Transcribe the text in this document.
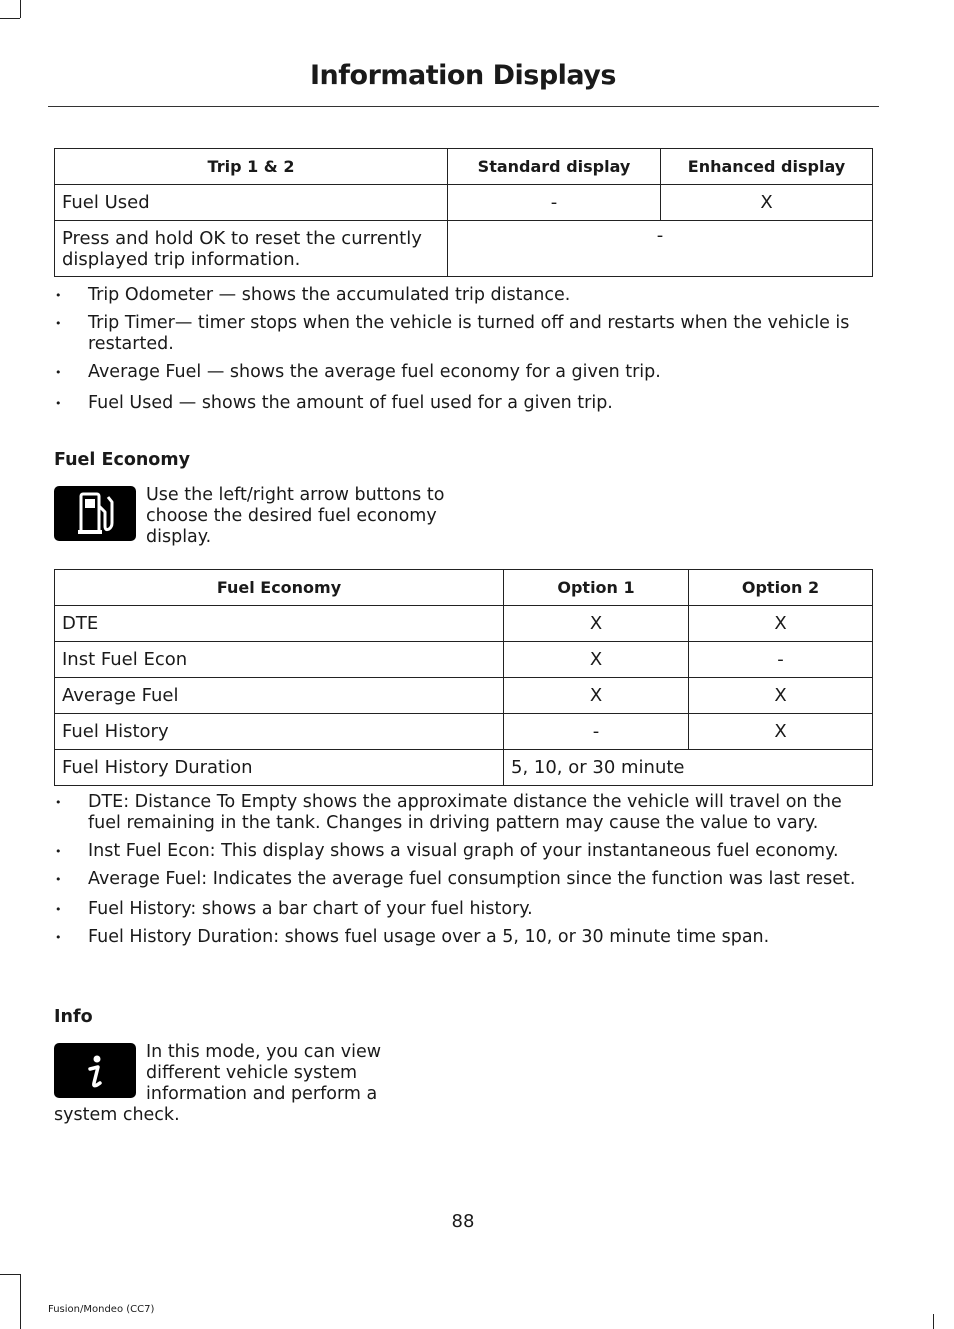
Information Displays
Trip 1 & 2	Standard display	Enhanced display
Fuel Used	-	X
Press and hold OK to reset the currently displayed trip information.	-	
• Trip Odometer — shows the accumulated trip distance.
• Trip Timer— timer stops when the vehicle is turned off and restarts when the vehicle is restarted.
• Average Fuel — shows the average fuel economy for a given trip.
• Fuel Used — shows the amount of fuel used for a given trip.
Fuel Economy
Use the left/right arrow buttons to choose the desired fuel economy display.
Fuel Economy	Option 1	Option 2
DTE	X	X
Inst Fuel Econ	X	-
Average Fuel	X	X
Fuel History	-	X
Fuel History Duration	5, 10, or 30 minute	
• DTE: Distance To Empty shows the approximate distance the vehicle will travel on the fuel remaining in the tank. Changes in driving pattern may cause the value to vary.
• Inst Fuel Econ: This display shows a visual graph of your instantaneous fuel economy.
• Average Fuel: Indicates the average fuel consumption since the function was last reset.
• Fuel History: shows a bar chart of your fuel history.
• Fuel History Duration: shows fuel usage over a 5, 10, or 30 minute time span.
Info
In this mode, you can view different vehicle system information and perform a
system check.
88
Fusion/Mondeo (CC7)
